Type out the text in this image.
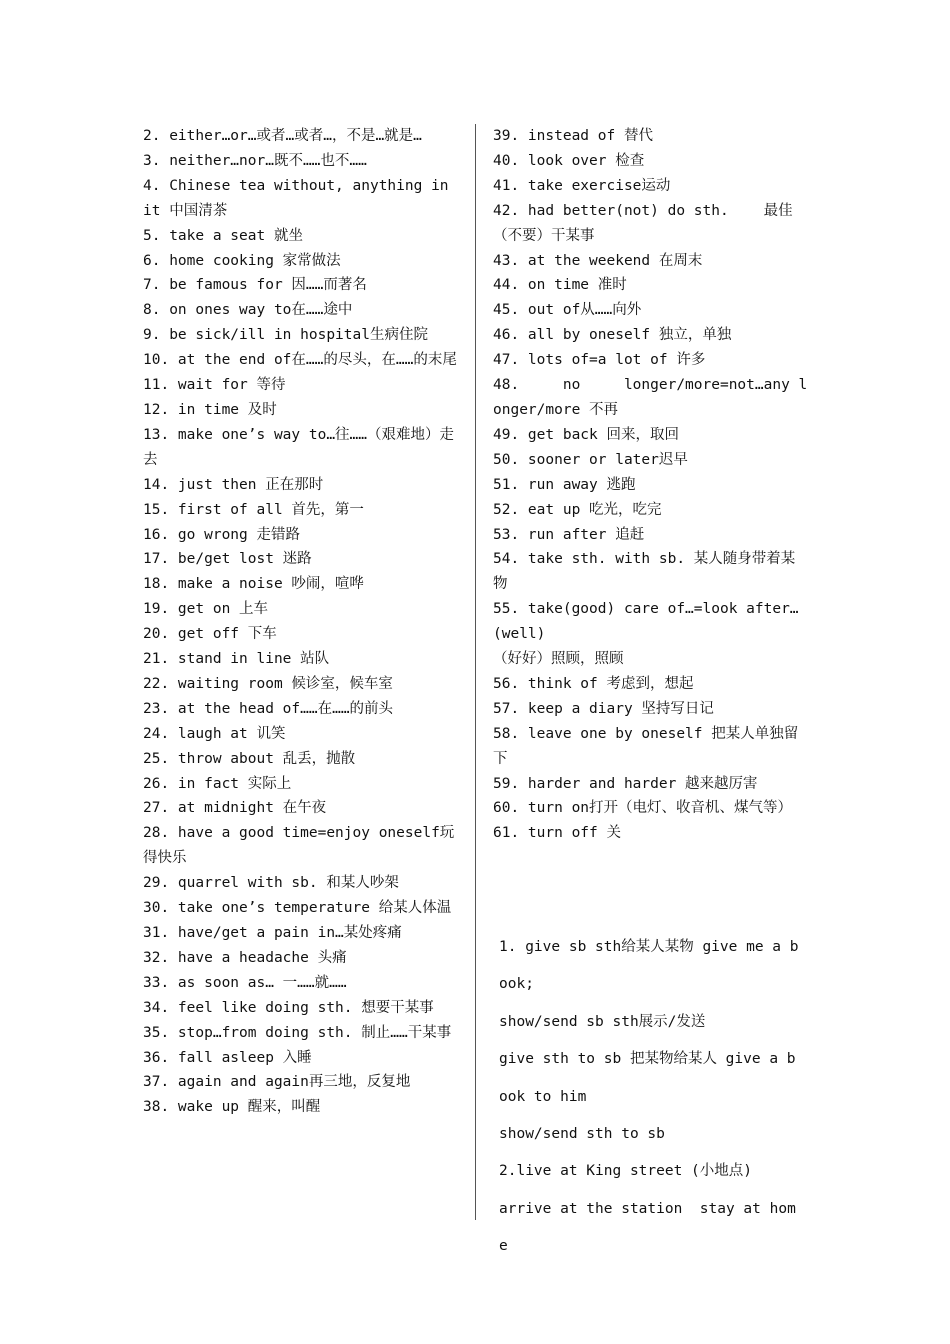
2. either…or…或者…或者…，不是…就是…
3. neither…nor…既不……也不……
4. Chinese tea without, anything in it 中国清茶
5. take a seat 就坐
6. home cooking 家常做法
7. be famous for 因……而著名
8. on ones way to在……途中
9. be sick/ill in hospital生病住院
10. at the end of在……的尽头，在……的末尾
11. wait for 等待
12. in time 及时
13. make one’s way to…往……（艰难地）走去
14. just then 正在那时
15. first of all 首先，第一
16. go wrong 走错路
17. be/get lost 迷路
18. make a noise 吵闹，喧哗
19. get on 上车
20. get off 下车
21. stand in line 站队
22. waiting room 候诊室，候车室
23. at the head of……在……的前头
24. laugh at 讥笑
25. throw about 乱丢，抛散
26. in fact 实际上
27. at midnight 在午夜
28. have a good time=enjoy oneself玩得快乐
29. quarrel with sb. 和某人吵架
30. take one’s temperature 给某人体温
31. have/get a pain in…某处疼痛
32. have a headache 头痛
33. as soon as… 一……就……
34. feel like doing sth. 想要干某事
35. stop…from doing sth. 制止……干某事
36. fall asleep 入睡
37. again and again再三地，反复地
38. wake up 醒来，叫醒
39. instead of 替代
40. look over 检查
41. take exercise运动
42. had better(not) do sth.    最佳（不要）干某事
43. at the weekend 在周末
44. on time 准时
45. out of从……向外
46. all by oneself 独立，单独
47. lots of=a lot of 许多
48.     no     longer/more=not…any longer/more 不再
49. get back 回来，取回
50. sooner or later迟早
51. run away 逃跑
52. eat up 吃光，吃完
53. run after 追赶
54. take sth. with sb. 某人随身带着某物
55. take(good) care of…=look after…(well)
（好好）照顾，照顾
56. think of 考虑到，想起
57. keep a diary 坚持写日记
58. leave one by oneself 把某人单独留下
59. harder and harder 越来越厉害
60. turn on打开（电灯、收音机、煤气等）
61. turn off 关
1. give sb sth给某人某物 give me a book;
show/send sb sth展示/发送
give sth to sb 把某物给某人 give a book to him
show/send sth to sb
2.live at King street (小地点)
arrive at the station  stay at home
